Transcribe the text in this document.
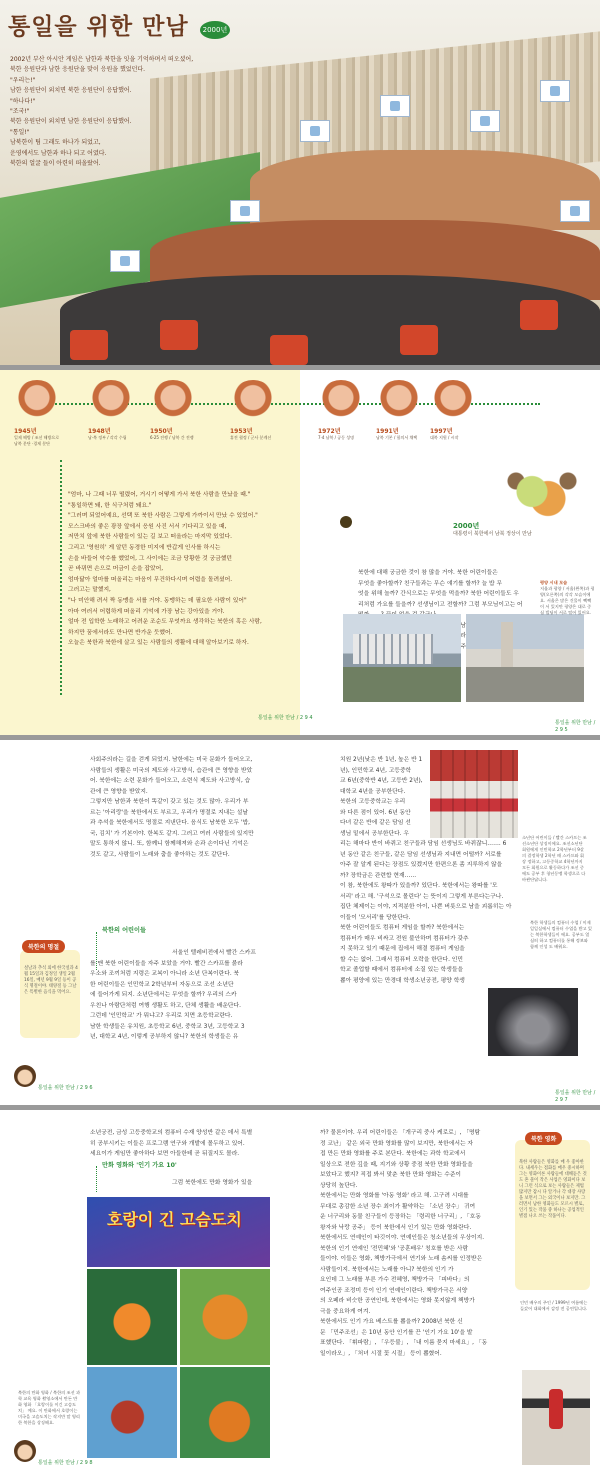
통일을 위한 만남 2000년
2002년 부산 아시안 게임은 남한과 북한을 잇을 기억하며서 떠오셨어,
북한 응원단과 남한 응원단을 맞이 응원을 했었던다.
"우리는!"
남한 응원단이 외치면 북한 응원단이 응답했어.
"하나다!"
"조국!"
북한 응원단이 외치면 남한 응원단이 응답했어.
"통일!"
남북한이 팀 그래도 하나가 되었고,
운영에서도 남한과 하나 되고 어였다.
북한의 얼굴 들이 아련히 떠올랐어.
1945년
일제 해방 / 조선 해방으로 남북 분단 ·경제 분단
1948년
남·북 정부 / 각각 수립
1950년
6·25 전쟁 / 남북 간 전쟁
1953년
휴전 협정 / 군사 분계선
1972년
7·4 남북 / 공동 성명
1991년
남북 기본 / 합의서 채택
1997년
대북 지원 / 시작
2000년
대통령이 북한에서 남북 정상이 만남
"엄마, 나 그때 너무 떨렸어, 거시기 어떻게 가서 북한 사람을 만났을 때."
"통일하면 돼, 한 식구처럼 돼요."
"그러며 되었어예요, 선택 또 북한 사람은 그렇게 가까이서 만났 수 있었어."
모스크바의 좋은 광장 앞에서 응원 사진 서서 기다리고 있을 때,
저만치 앞에 북한 사람들이 있는 길 보고 떠올라는 마지막 있었다.
그리고 '영원히' 게 알던 동경한 미지에 반갑게 인사를 하시는
손을 바들어 악수를 했었어, 그 사이에는 조금 당황한 것 궁금했던
곧 바뀌면 손으로 머금이 손을 잡았어,
엄마닮아 얼마를 떠올리는 마음이 무건하다시며 어렵을 돌려셨어.
그러고는 말했지,
"나 미안해 려서 짝 동맹을 서를 거야. 동맹하는 데 필요한 사람이 있어"
아마 여러서 어렵하게 떠올리 기억에 가장 남는 강아있을 거야.
얼마 전 입학한 노래하고 어려운 조순도 무엇까요 생각하는 북한의 혹은 사람,
하지만 꿈에서라도 만나면 반가운 듯했어.
오늘은 북한과 북한에 살고 있는 사람들의 생활에 대해 알아보기로 하자.
통일을 위한 만남 / 2 9 4
북한에 대해 궁금한 것이 참 많을 거야. 북한 어린이들은
무엇을 좋아할까? 친구들과는 무슨 얘기를 할까? 늘 밥 무
엇을 위해 놀까? 간식으로는 무엇을 먹을까? 북한 어린이들도 우
리처럼 가요를 들을까? 선생님이고 전할까? 그럼 부모님이고는 어
평양 시내 모습
저울과 평양 / 서울(왼쪽)과 평양(오른쪽)의 각각 모습이에요. 서울은 많은 건물이 빽빽이 서 있지만 평양은 대로 중심 빌딩이 서로 떨어 있어요.
통일을 위한 만남 / 2 9 5
사회주의라는 길을 걷게 되었지. 남한에는 미국 문화가 들어오고,
사람들의 생활은 미국의 제도와 사고방식, 습관에 큰 영향을 받았
어. 북한에는 소련 문화가 들어오고, 소련식 제도와 사고방식, 습
관에 큰 영향을 받았지.
그렇지만 남한과 북한이 똑같이 갖고 있는 것도 많아. 우리가 부
르는 '아리랑'을 북한에서도 부르고, 우리가 명절로 지내는 설날
과 추석을 북한에서도 명절로 지낸단다. 음식도 남북한 모두 '밥,
국, 김치' 가 기본이야. 한복도 같지. 그러고 여러 사람들의 있지만
말도 통하지 않니. 또, 함께니 함께해져와 손과 손이다닌 기억은
것도 같고, 사람들이 노래와 춤을 좋아하는 것도 같단다.
북한의 어린이들
서울인 텔레비전에서 빨간 스카프
를 맨 북한 어린이들을 자주 보았을 거야. 빨간 스카프를 붉라
우소와 조끼처럼 지령은 교복이 아니라 소년 단복이란다. 북
한 어린이들은 인민학교 2학년부터 자동으로 조선 소년단
에 들어가게 되지. 소년단에서는 무엇을 할까? 우리의 스카
우친나 아람단처럼 여행 생활도 하고, 단체 생활을 배운단다.
그런데 '인민학교' 가 뭐냐고? 우리로 치면 초등학교란다.
남한 학생들은 유치원, 초등학교 6년, 중학교 3년, 고등학교 3
년, 대학교 4년, 이렇게 공부하지 않니? 북한의 학생들은 유
설날과 추석 외에 한국설과 4월 15일과 김정일 생일 2월 16일, 매년 9월 9일 등이 공식 명절이야. 태양절 등 그날은 특별한 음식을 먹어요.
북한의 명절
통일을 위한 만남 / 2 9 6
치원 2년(낮은 반 1년, 높은 반 1
년), 인민학교 4년, 고등중학
교 6년(중학반 4년, 고등반 2년),
대학교 4년을 공부한단다.
북한의 고등중학교는 우리
와 다른 점이 있어. 6년 동안
다녀 같은 반에 같은 담임 선
생님 밑에서 공부한단다. 우
리는 해마다 반이 바뀌고 친구들과 담임 선생님도 바뀌잖니……. 6
년 동안 같은 친구들, 같은 담임 선생님과 지내면 어떨까? 서로를
아주 잘 알게 된다는 장점도 있겠지만 한편으론 좀 지루하지 않을
까? 장학금은 관련합 현재……
이 참, 북한에도 왕따가 있을까? 있단다. 북한에서는 왕따를 '모
서리' 라고 해. '구석으로 몰린다' 는 뜻이지 그렇게 부른다는구나.
집단 체제이는 이야, 지적분한 아이, 나쁜 버릇으로 남을 괴롭히는 아
이들이 '모서리'를 당한단다.
북한 어린이들도 컴퓨터 게임을 할까? 북한에서는
컴퓨터가 매우 비싸고 전원 불안하며 컴퓨터가 갖추
지 못하고 있기 때문에 집에서 해결 컴퓨터 게임을
할 수는 없어. 그래서 컴퓨터 오락을 한단다. 인민
학교 졸업할 때에서 컴퓨터에 소질 있는 학생들을
뽑아 평양에 있는 만경대 학생소년궁전, 평양 학생
소년단 어린이들 / 빨간 스카프는 조선소년단 상징이에요. 조선소년단 회원에게 인민학교 2학년부터 9살의 결정학생 2학년 때 스카프와 휘장 정하고, 고등중학교 4학년까지 모든 회원으로 활동하다가 조선 중에도 공부 후 청년동맹 학생으로 다 바뀐단답니다.
북한 학생들의 컴퓨터 수업 / 이제 일일실에서 컴퓨터 수업을 받고 있는 북한학생들이 에요. 공부도 열심히 하고 컴퓨터를 통해 정보와 함께 인성 도 배워요.
통일을 위한 만남 / 2 9 7
소년궁전, 금성 고등중학교의 컴퓨터 수재 양성반 같은 데서 특별
히 공부시키는 이들은 프로그램 연구와 개발에 몰두하고 있어.
세요이가 게임만 좋아하다 보면 아들한테 곧 뒤질지도 몰라.
만화 영화와 '인기 가요 10'
그럼 북한에도 만화 영화가 있을
호랑이 긴 고슴도치
북한의 만화 영화 / 북한의 조선 과학 교육 영화 촬영소에서 만든 만화 영화 「호랑이를 이긴 고슴도치」 예요. 이 만화에서 호랑이는 미국을 고슴도치는 작지만 말 영리한 북한을 상징해요.
통일을 위한 만남 / 2 9 8
까? 물론이야. 우리 어린이들은 「개구리 중사 케로로」, 「명탐
정 코난」 같은 외국 만화 영화를 많이 보지만, 북한에서는 자
접 만든 만화 영화를 주로 본단다. 북한에는 과학 학교에서
일상으로 전한 깊을 때, 지기와 상황 중점 북한 만화 영화들을
보았다고 했지? 직접 봐서 맞춘 북한 만화 영화는 수준이
상당히 높단다.
북한에서는 만화 영화를 '아동 영화' 라고 해. 고구려 시대를
무대로 총감한 소년 장수 최이가 활약하는 「소년 장수」 귀여
운 너구리와 동물 친구들이 등장하는 「령리한 너구리」, 「호동
왕자와 낙랑 공주」 등이 북한에서 인기 있는 만화 영화란다.
북한에서도 연예인이 타깃이야. 연예인들은 청소년들의 우상이지.
북한의 인기 연예인 '전민혜'와 '공훈배우' 칭호를 받은 사람
들이야. 이들은 영화, 책방가극에서 연기와 노래 솜씨를 인정받은
사람들이지. 북한에서는 노래를 아니? 북한의 인기 가
요인데 그 노래를 부른 가수 전혜영, 책방가극 「피바다」의
여주인공 조정미 등이 인기 연예인이란다. 책방가극은 서양
의 오페라 비슷한 공연인데, 북한에서는 영화 못지않게 책방가
극을 중요하게 여겨.
북한에서도 인기 가요 베스트를 뽑을까? 2008년 북한 신
문 「민주조선」은 10년 동안 인기를 끈 '인기 가요 10'을 발
표했단다. 「휘파람」, 「우등불」, 「내 이름 묻지 마세요」, 「동
일이라오」, 「처녀 시절 꽃 시절」 등이 뽑혔어.
북한 사람들은 영화를 매 우 좋아한다. 내세우는 점화를 매우 중시하며 그는 영화이론 사람들에 대해듣은 것도 흔 물이 작은 사업은 영화이다 보니 그런 식으로 보는 사람들은 제법 많지만 잠시 다 알거나 각 대장 사랑을 보면서 그는 외국이나 보지만. 그러면서 남한 영화들도 모르시 별로, 인기 있는 작품 중 하나는 공업적인 별점 나오 쓰는 작품이다.
북한 영화
인민 배우의 주인 / 1999년 여름에는 들갔어 대회에서 감정 전 공연입니다.
